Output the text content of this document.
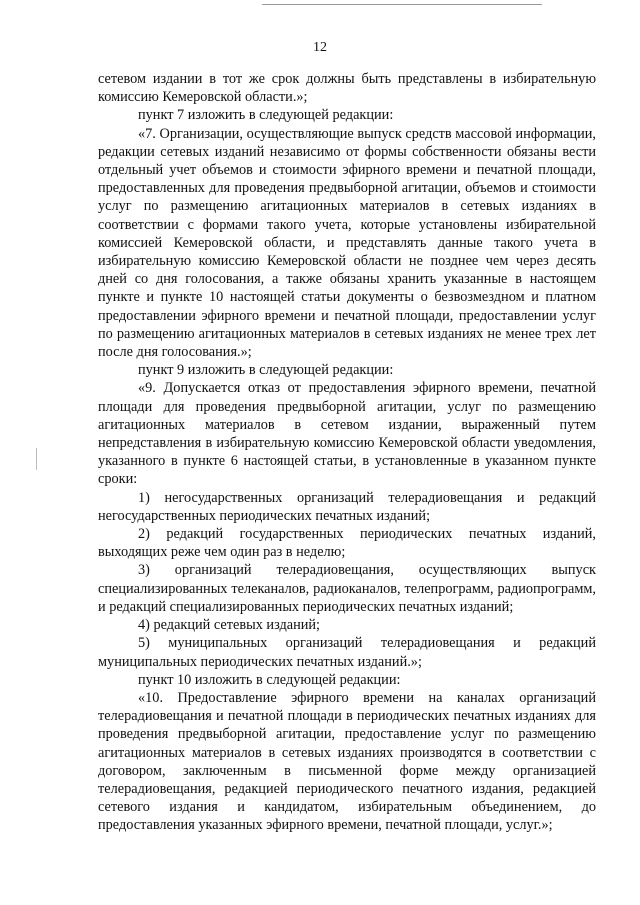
12

сетевом издании в тот же срок должны быть представлены в избирательную комиссию Кемеровской области.»;

пункт 7 изложить в следующей редакции:

«7. Организации, осуществляющие выпуск средств массовой информации, редакции сетевых изданий независимо от формы собственности обязаны вести отдельный учет объемов и стоимости эфирного времени и печатной площади, предоставленных для проведения предвыборной агитации, объемов и стоимости услуг по размещению агитационных материалов в сетевых изданиях в соответствии с формами такого учета, которые установлены избирательной комиссией Кемеровской области, и представлять данные такого учета в избирательную комиссию Кемеровской области не позднее чем через десять дней со дня голосования, а также обязаны хранить указанные в настоящем пункте и пункте 10 настоящей статьи документы о безвозмездном и платном предоставлении эфирного времени и печатной площади, предоставлении услуг по размещению агитационных материалов в сетевых изданиях не менее трех лет после дня голосования.»;

пункт 9 изложить в следующей редакции:

«9. Допускается отказ от предоставления эфирного времени, печатной площади для проведения предвыборной агитации, услуг по размещению агитационных материалов в сетевом издании, выраженный путем непредставления в избирательную комиссию Кемеровской области уведомления, указанного в пункте 6 настоящей статьи, в установленные в указанном пункте сроки:

1) негосударственных организаций телерадиовещания и редакций негосударственных периодических печатных изданий;

2) редакций государственных периодических печатных изданий, выходящих реже чем один раз в неделю;

3) организаций телерадиовещания, осуществляющих выпуск специализированных телеканалов, радиоканалов, телепрограмм, радиопрограмм, и редакций специализированных периодических печатных изданий;

4) редакций сетевых изданий;

5) муниципальных организаций телерадиовещания и редакций муниципальных периодических печатных изданий.»;

пункт 10 изложить в следующей редакции:

«10. Предоставление эфирного времени на каналах организаций телерадиовещания и печатной площади в периодических печатных изданиях для проведения предвыборной агитации, предоставление услуг по размещению агитационных материалов в сетевых изданиях производятся в соответствии с договором, заключенным в письменной форме между организацией телерадиовещания, редакцией периодического печатного издания, редакцией сетевого издания и кандидатом, избирательным объединением, до предоставления указанных эфирного времени, печатной площади, услуг.»;
